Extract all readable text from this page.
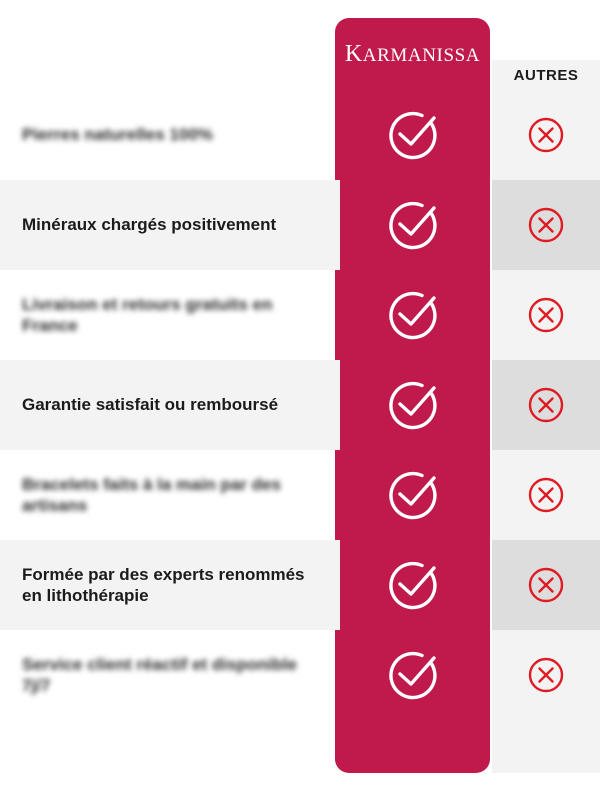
KARMANISSA
AUTRES
Pierres naturelles 100%
Minéraux chargés positivement
Livraison et retours gratuits en France
Garantie satisfait ou remboursé
Bracelets faits à la main par des artisans
Formée par des experts renommés en lithothérapie
Service client réactif et disponible 7j/7
